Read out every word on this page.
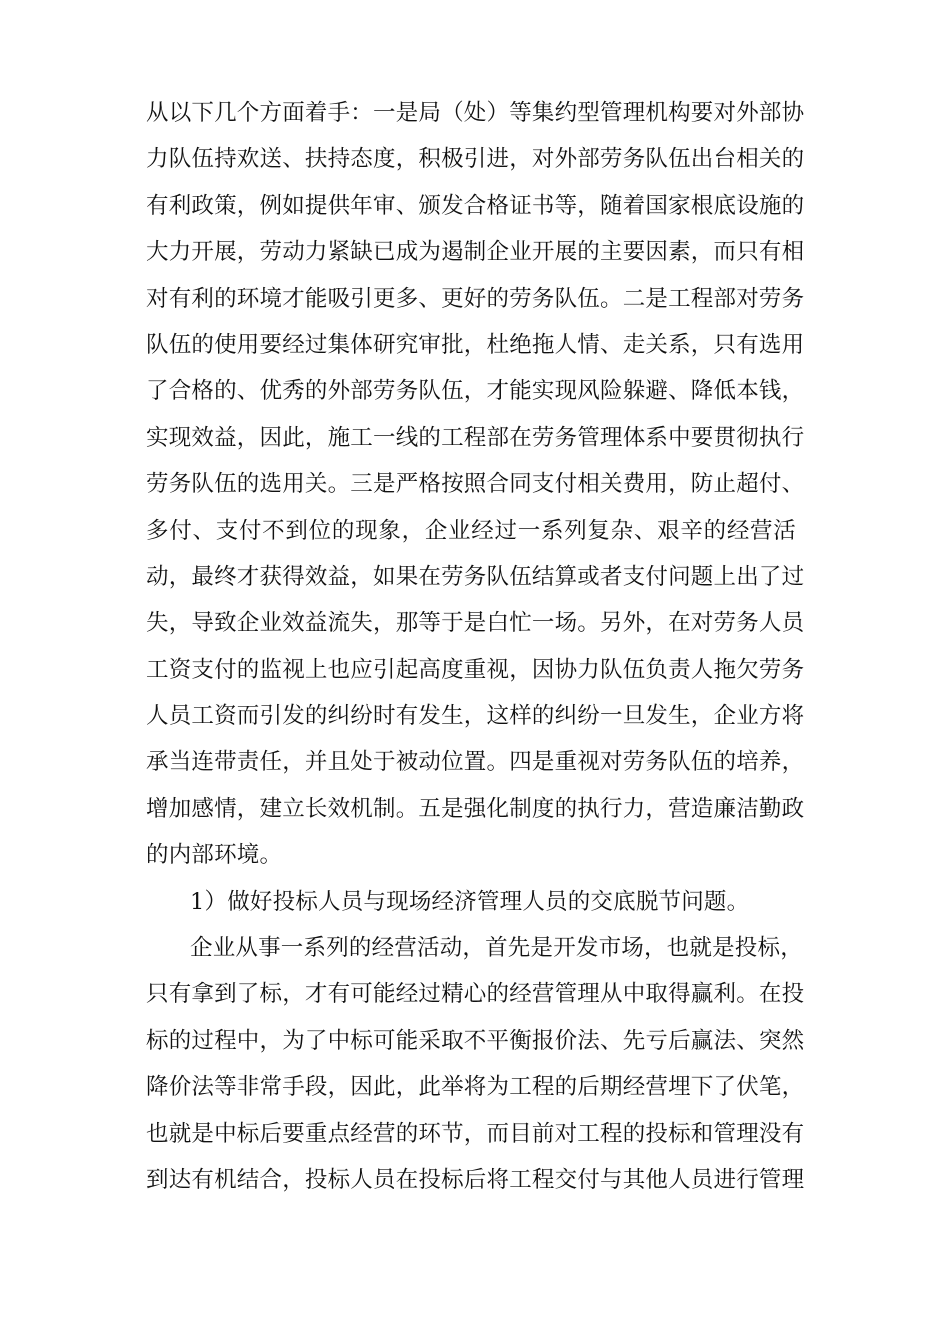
从以下几个方面着手：一是局（处）等集约型管理机构要对外部协
力队伍持欢送、扶持态度，积极引进，对外部劳务队伍出台相关的
有利政策，例如提供年审、颁发合格证书等，随着国家根底设施的
大力开展，劳动力紧缺已成为遏制企业开展的主要因素，而只有相
对有利的环境才能吸引更多、更好的劳务队伍。二是工程部对劳务
队伍的使用要经过集体研究审批，杜绝拖人情、走关系，只有选用
了合格的、优秀的外部劳务队伍，才能实现风险躲避、降低本钱，
实现效益，因此，施工一线的工程部在劳务管理体系中要贯彻执行
劳务队伍的选用关。三是严格按照合同支付相关费用，防止超付、
多付、支付不到位的现象，企业经过一系列复杂、艰辛的经营活
动，最终才获得效益，如果在劳务队伍结算或者支付问题上出了过
失，导致企业效益流失，那等于是白忙一场。另外，在对劳务人员
工资支付的监视上也应引起高度重视，因协力队伍负责人拖欠劳务
人员工资而引发的纠纷时有发生，这样的纠纷一旦发生，企业方将
承当连带责任，并且处于被动位置。四是重视对劳务队伍的培养，
增加感情，建立长效机制。五是强化制度的执行力，营造廉洁勤政
的内部环境。
1）做好投标人员与现场经济管理人员的交底脱节问题。
企业从事一系列的经营活动，首先是开发市场，也就是投标，
只有拿到了标，才有可能经过精心的经营管理从中取得赢利。在投
标的过程中，为了中标可能采取不平衡报价法、先亏后赢法、突然
降价法等非常手段，因此，此举将为工程的后期经营埋下了伏笔，
也就是中标后要重点经营的环节，而目前对工程的投标和管理没有
到达有机结合，投标人员在投标后将工程交付与其他人员进行管理
